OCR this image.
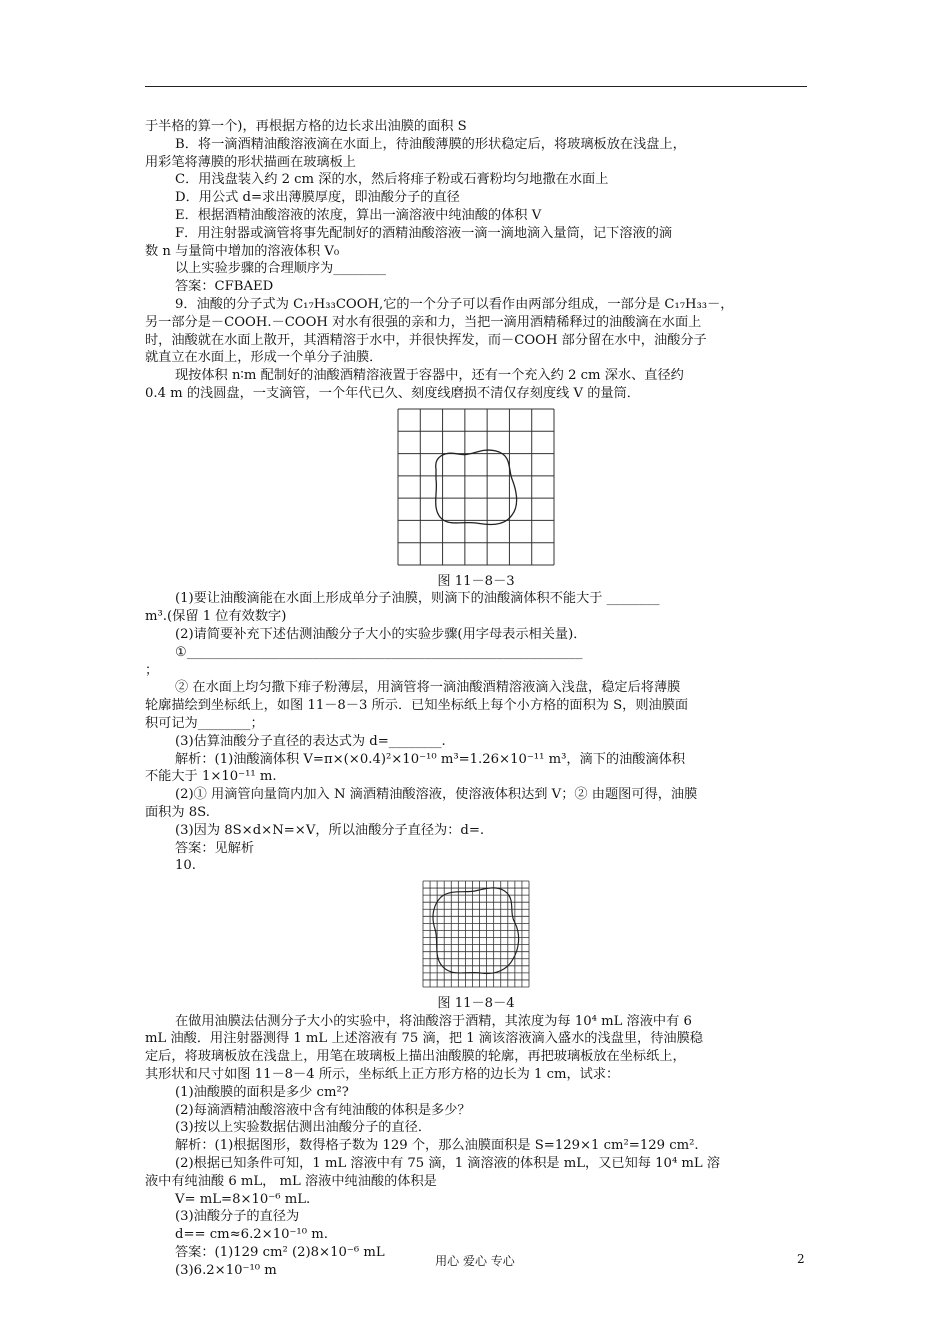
于半格的算一个)，再根据方格的边长求出油膜的面积 S

B．将一滴酒精油酸溶液滴在水面上，待油酸薄膜的形状稳定后，将玻璃板放在浅盘上，

用彩笔将薄膜的形状描画在玻璃板上

C．用浅盘装入约 2 cm 深的水，然后将痱子粉或石膏粉均匀地撒在水面上

D．用公式 d=求出薄膜厚度，即油酸分子的直径

E．根据酒精油酸溶液的浓度，算出一滴溶液中纯油酸的体积 V

F．用注射器或滴管将事先配制好的酒精油酸溶液一滴一滴地滴入量筒，记下溶液的滴

数 n 与量筒中增加的溶液体积 V₀

以上实验步骤的合理顺序为________

答案：CFBAED

9．油酸的分子式为 C₁₇H₃₃COOH,它的一个分子可以看作由两部分组成，一部分是 C₁₇H₃₃－，

另一部分是－COOH.－COOH 对水有很强的亲和力，当把一滴用酒精稀释过的油酸滴在水面上

时，油酸就在水面上散开，其酒精溶于水中，并很快挥发，而－COOH 部分留在水中，油酸分子

就直立在水面上，形成一个单分子油膜．

现按体积 n∶m 配制好的油酸酒精溶液置于容器中，还有一个充入约 2 cm 深水、直径约

0.4 m 的浅圆盘，一支滴管，一个年代已久、刻度线磨损不清仅存刻度线 V 的量筒．

图 11－8－3

(1)要让油酸滴能在水面上形成单分子油膜，则滴下的油酸滴体积不能大于 ________

m³.(保留 1 位有效数字)

(2)请简要补充下述估测油酸分子大小的实验步骤(用字母表示相关量)．

①____________________________________________________________

；

② 在水面上均匀撒下痱子粉薄层，用滴管将一滴油酸酒精溶液滴入浅盘，稳定后将薄膜

轮廓描绘到坐标纸上，如图 11－8－3 所示．已知坐标纸上每个小方格的面积为 S，则油膜面

积可记为________；

(3)估算油酸分子直径的表达式为 d=________.

解析：(1)油酸滴体积 V=π×(×0.4)²×10⁻¹⁰ m³=1.26×10⁻¹¹ m³，滴下的油酸滴体积

不能大于 1×10⁻¹¹ m.

(2)① 用滴管向量筒内加入 N 滴酒精油酸溶液，使溶液体积达到 V；② 由题图可得，油膜

面积为 8S.

(3)因为 8S×d×N=×V，所以油酸分子直径为：d=.

答案：见解析

10.

图 11－8－4

在做用油膜法估测分子大小的实验中，将油酸溶于酒精，其浓度为每 10⁴ mL 溶液中有 6

mL 油酸．用注射器测得 1 mL 上述溶液有 75 滴，把 1 滴该溶液滴入盛水的浅盘里，待油膜稳

定后，将玻璃板放在浅盘上，用笔在玻璃板上描出油酸膜的轮廓，再把玻璃板放在坐标纸上，

其形状和尺寸如图 11－8－4 所示，坐标纸上正方形方格的边长为 1 cm，试求：

(1)油酸膜的面积是多少 cm²?

(2)每滴酒精油酸溶液中含有纯油酸的体积是多少？

(3)按以上实验数据估测出油酸分子的直径．

解析：(1)根据图形，数得格子数为 129 个，那么油膜面积是 S=129×1 cm²=129 cm².

(2)根据已知条件可知，1 mL 溶液中有 75 滴，1 滴溶液的体积是 mL，又已知每 10⁴ mL 溶

液中有纯油酸 6 mL， mL 溶液中纯油酸的体积是

V= mL=8×10⁻⁶ mL.

(3)油酸分子的直径为

d== cm≈6.2×10⁻¹⁰ m.

答案：(1)129 cm² (2)8×10⁻⁶ mL

(3)6.2×10⁻¹⁰ m

用心 爱心 专心	2
